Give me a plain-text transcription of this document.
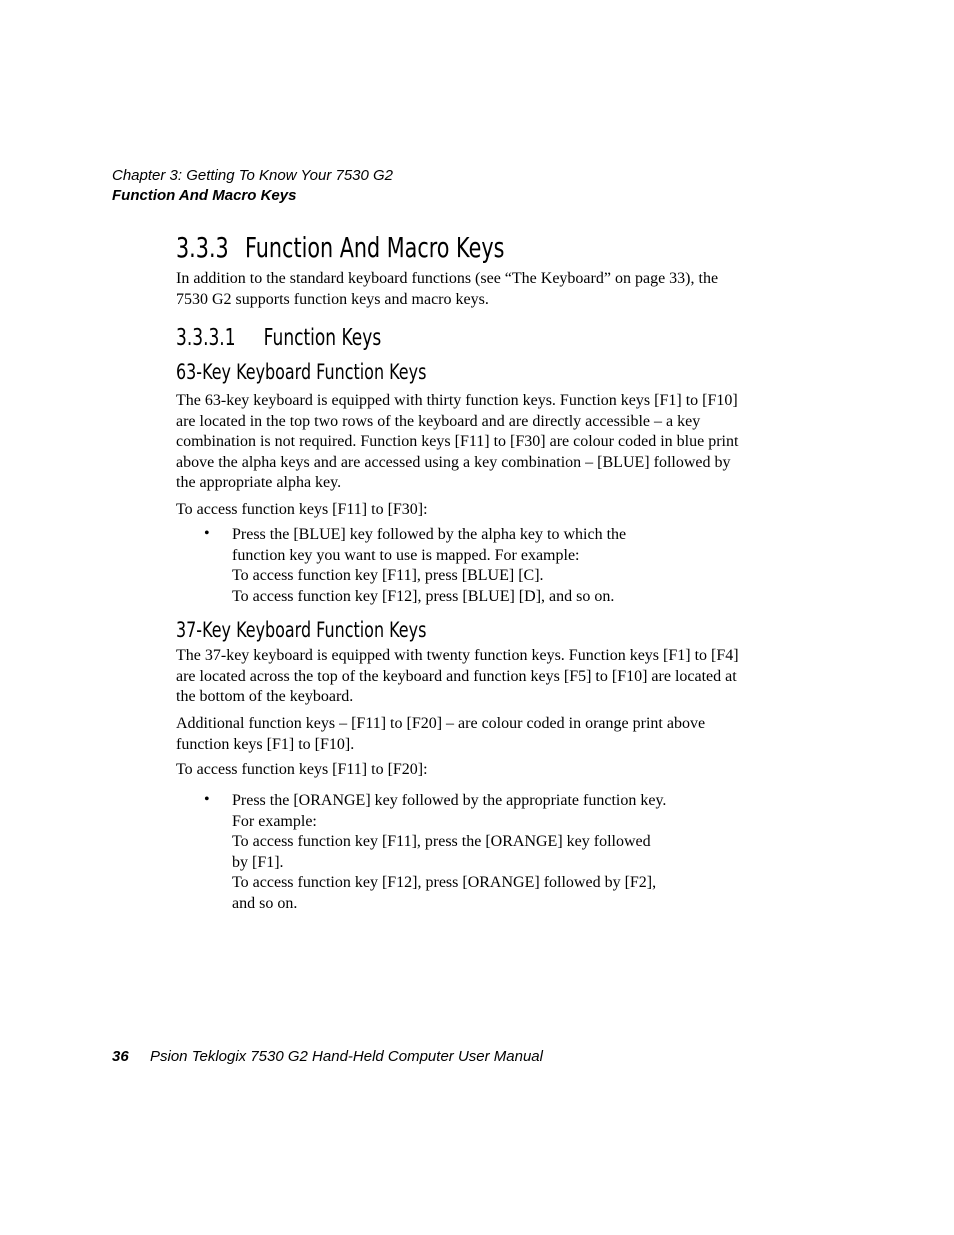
Chapter 3: Getting To Know Your 7530 G2
Function And Macro Keys
3.3.3 Function And Macro Keys
In addition to the standard keyboard functions (see “The Keyboard” on page 33), the 7530 G2 supports function keys and macro keys.
3.3.3.1 Function Keys
63-Key Keyboard Function Keys
The 63-key keyboard is equipped with thirty function keys. Function keys [F1] to [F10] are located in the top two rows of the keyboard and are directly accessible – a key combination is not required. Function keys [F11] to [F30] are colour coded in blue print above the alpha keys and are accessed using a key combination – [BLUE] followed by the appropriate alpha key.
To access function keys [F11] to [F30]:
• Press the [BLUE] key followed by the alpha key to which the
function key you want to use is mapped. For example:
To access function key [F11], press [BLUE] [C].
To access function key [F12], press [BLUE] [D], and so on.
37-Key Keyboard Function Keys
The 37-key keyboard is equipped with twenty function keys. Function keys [F1] to [F4] are located across the top of the keyboard and function keys [F5] to [F10] are located at the bottom of the keyboard.
Additional function keys – [F11] to [F20] – are colour coded in orange print above function keys [F1] to [F10].
To access function keys [F11] to [F20]:
• Press the [ORANGE] key followed by the appropriate function key.
For example:
To access function key [F11], press the [ORANGE] key followed
by [F1].
To access function key [F12], press [ORANGE] followed by [F2],
and so on.
36 Psion Teklogix 7530 G2 Hand-Held Computer User Manual
